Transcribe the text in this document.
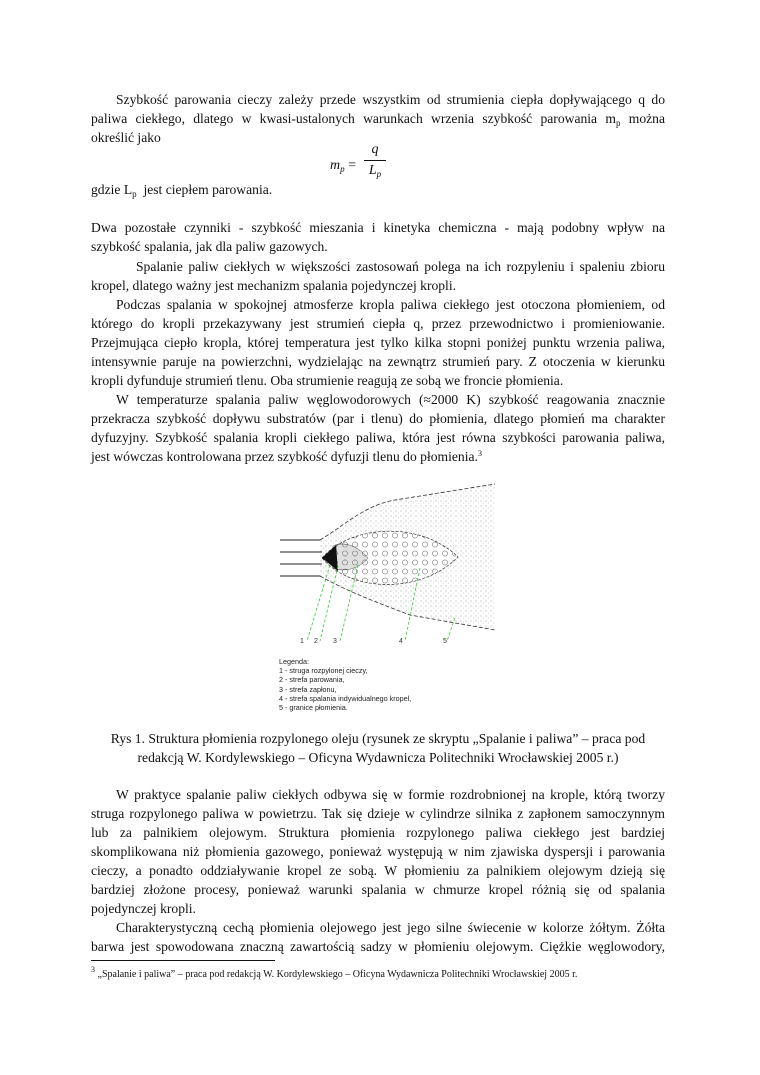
Szybkość parowania cieczy zależy przede wszystkim od strumienia ciepła dopływającego q do
paliwa ciekłego, dlatego w kwasi-ustalonych warunkach wrzenia szybkość parowania $m_p$ można
określić jako
$m_p$ =
q
$L_p$
gdzie $L_p$  jest ciepłem parowania.
Dwa pozostałe czynniki - szybkość mieszania i kinetyka chemiczna - mają podobny wpływ na
szybkość spalania, jak dla paliw gazowych.
Spalanie paliw ciekłych w większości zastosowań polega na ich rozpyleniu i spaleniu zbioru
kropel, dlatego ważny jest mechanizm spalania pojedynczej kropli.
Podczas spalania w spokojnej atmosferze kropla paliwa ciekłego jest otoczona płomieniem, od
którego do kropli przekazywany jest strumień ciepła q, przez przewodnictwo i promieniowanie.
Przejmująca ciepło kropla, której temperatura jest tylko kilka stopni poniżej punktu wrzenia paliwa,
intensywnie paruje na powierzchni, wydzielając na zewnątrz strumień pary. Z otoczenia w kierunku
kropli dyfunduje strumień tlenu. Oba strumienie reagują ze sobą we froncie płomienia.
W temperaturze spalania paliw węglowodorowych (≈2000 K) szybkość reagowania znacznie
przekracza szybkość dopływu substratów (par i tlenu) do płomienia, dlatego płomień ma charakter
dyfuzyjny. Szybkość spalania kropli ciekłego paliwa, która jest równa szybkości parowania paliwa,
jest wówczas kontrolowana przez szybkość dyfuzji tlenu do płomienia.$^3$
1 2 3	4	5
Legenda:
1 - struga rozpylonej cieczy,
2 - strefa parowania,
3 - strefa zapłonu,
4 - strefa spalania indywidualnego kropel,
5 - granice płomienia.
Rys 1. Struktura płomienia rozpylonego oleju (rysunek ze skryptu „Spalanie i paliwa” – praca pod
redakcją W. Kordylewskiego – Oficyna Wydawnicza Politechniki Wrocławskiej 2005 r.)
W praktyce spalanie paliw ciekłych odbywa się w formie rozdrobnionej na krople, którą tworzy
struga rozpylonego paliwa w powietrzu. Tak się dzieje w cylindrze silnika z zapłonem samoczynnym
lub za palnikiem olejowym. Struktura płomienia rozpylonego paliwa ciekłego jest bardziej
skomplikowana niż płomienia gazowego, ponieważ występują w nim zjawiska dyspersji i parowania
cieczy, a ponadto oddziaływanie kropel ze sobą. W płomieniu za palnikiem olejowym dzieją się
bardziej złożone procesy, ponieważ warunki spalania w chmurze kropel różnią się od spalania
pojedynczej kropli.
Charakterystyczną cechą płomienia olejowego jest jego silne świecenie w kolorze żółtym. Żółta
barwa jest spowodowana znaczną zawartością sadzy w płomieniu olejowym. Ciężkie węglowodory,
$^3$ „Spalanie i paliwa” – praca pod redakcją W. Kordylewskiego – Oficyna Wydawnicza Politechniki Wrocławskiej 2005 r.
